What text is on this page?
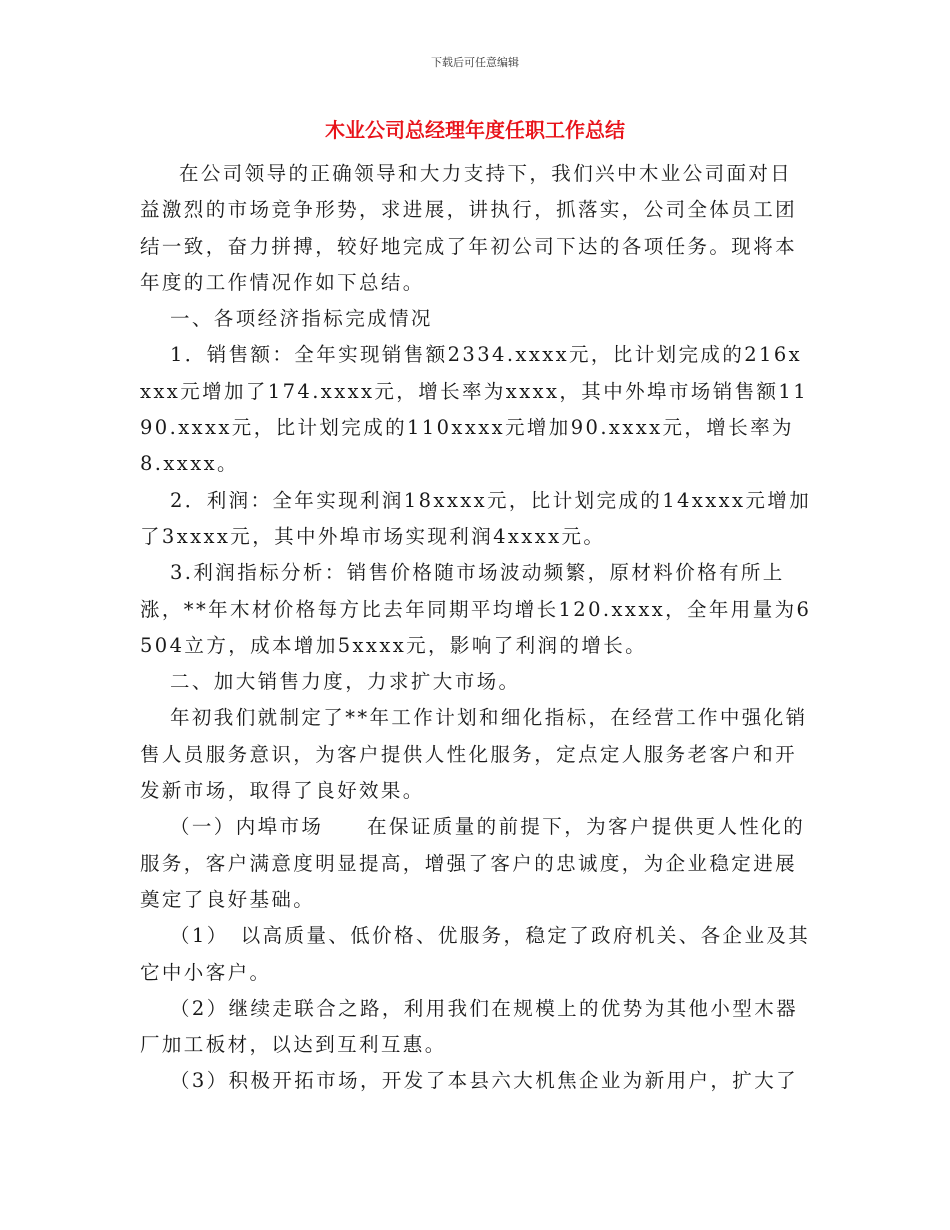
下载后可任意编辑
木业公司总经理年度任职工作总结

在公司领导的正确领导和大力支持下，我们兴中木业公司面对日益激烈的市场竞争形势，求进展，讲执行，抓落实，公司全体员工团结一致，奋力拼搏，较好地完成了年初公司下达的各项任务。现将本年度的工作情况作如下总结。

一、各项经济指标完成情况

1．销售额：全年实现销售额2334.xxxx元，比计划完成的216xxxx元增加了174.xxxx元，增长率为xxxx，其中外埠市场销售额1190.xxxx元，比计划完成的110xxxx元增加90.xxxx元，增长率为8.xxxx。

2．利润：全年实现利润18xxxx元，比计划完成的14xxxx元增加了3xxxx元，其中外埠市场实现利润4xxxx元。

3.利润指标分析：销售价格随市场波动频繁，原材料价格有所上涨，**年木材价格每方比去年同期平均增长120.xxxx，全年用量为6504立方，成本增加5xxxx元，影响了利润的增长。

二、加大销售力度，力求扩大市场。

年初我们就制定了**年工作计划和细化指标，在经营工作中强化销售人员服务意识，为客户提供人性化服务，定点定人服务老客户和开发新市场，取得了良好效果。

（一）内埠市场　　在保证质量的前提下，为客户提供更人性化的服务，客户满意度明显提高，增强了客户的忠诚度，为企业稳定进展奠定了良好基础。

（1）　以高质量、低价格、优服务，稳定了政府机关、各企业及其它中小客户。

（2）继续走联合之路，利用我们在规模上的优势为其他小型木器厂加工板材，以达到互利互惠。

（3）积极开拓市场，开发了本县六大机焦企业为新用户，扩大了
